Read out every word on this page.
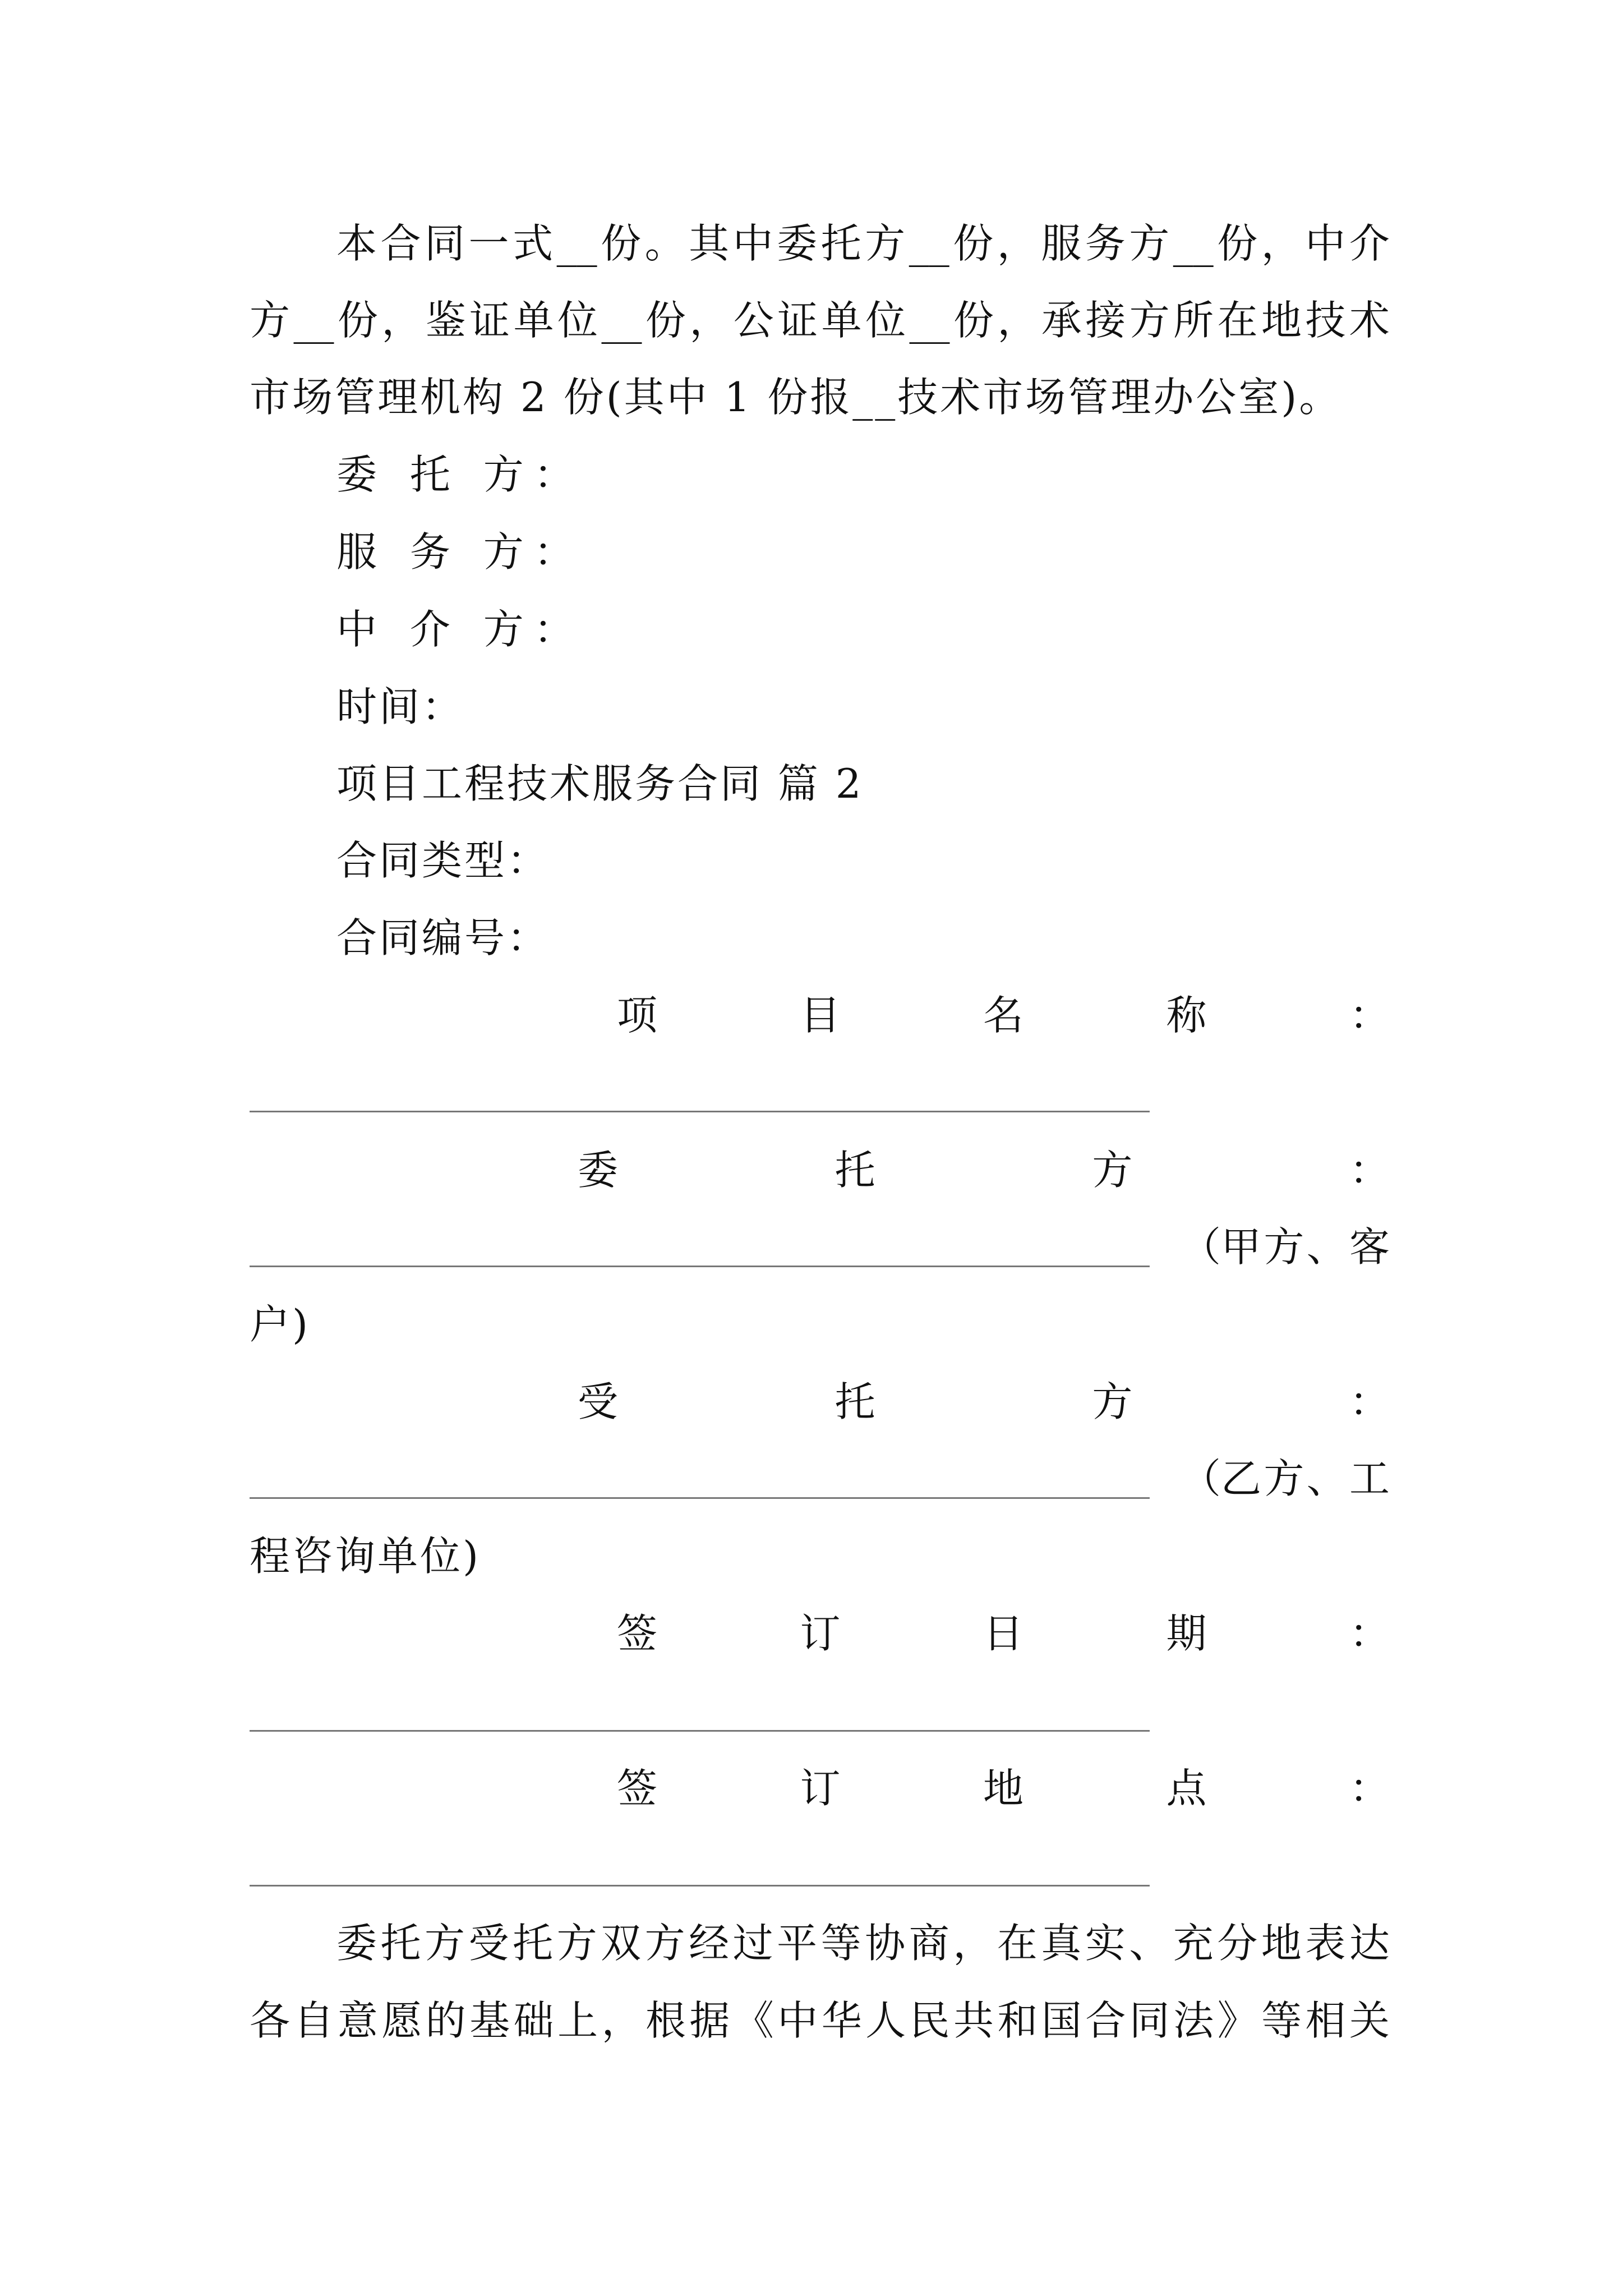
本 合 同 一 式 __ 份 。 其 中 委 托 方 __ 份 ， 服 务 方 __ 份 ， 中 介
方 __ 份 ， 鉴 证 单 位 __ 份 ， 公 证 单 位 __ 份 ， 承 接 方 所 在 地 技 术
市场管理机构 2 份(其中 1 份报__技术市场管理办公室)。
委 托 方：
服 务 方：
中 介 方：
时间：
项目工程技术服务合同 篇 2
合同类型：
合同编号：
项	目	名	称	：
委	托	方	：
（甲 方 、 客
户)
受	托	方	：
（乙 方 、 工
程咨询单位)
签	订	日	期	：
签	订	地	点	：
委 托 方 受 托 方 双 方 经 过 平 等 协 商 ， 在 真 实 、 充 分 地 表 达
各 自 意 愿 的 基 础 上 ， 根 据 《 中 华 人 民 共 和 国 合 同 法 》 等 相 关
